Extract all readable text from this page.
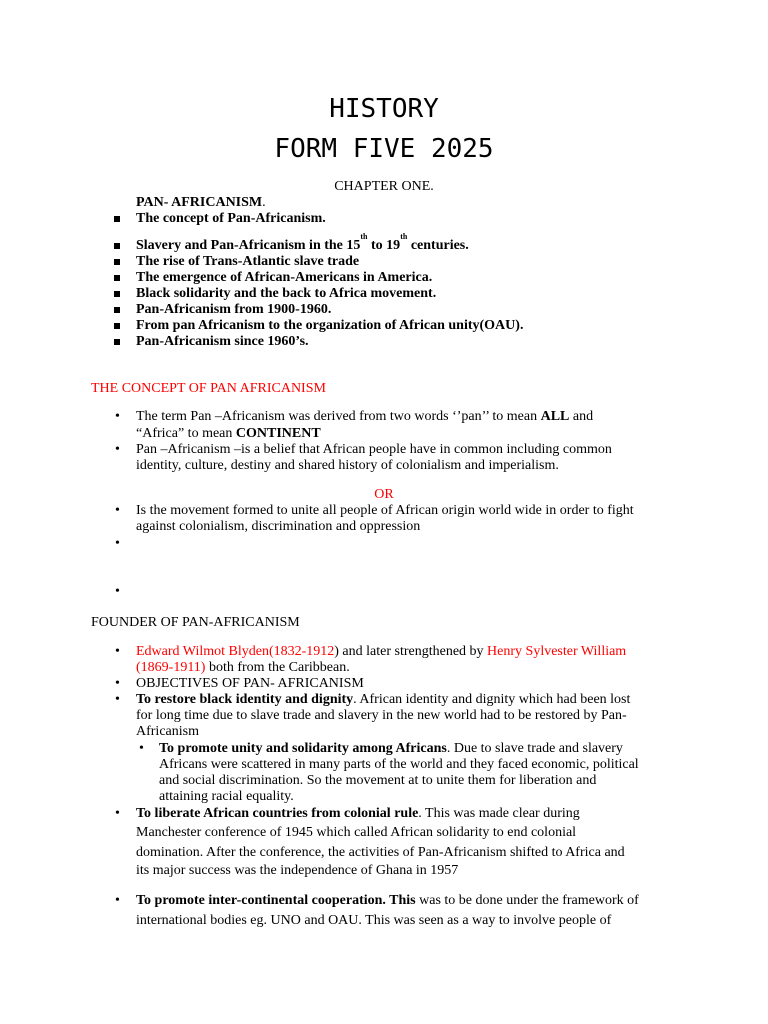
HISTORY
FORM FIVE 2025
CHAPTER ONE.
PAN- AFRICANISM.
The concept of Pan-Africanism.
Slavery and Pan-Africanism in the 15th to 19th centuries.
The rise of Trans-Atlantic slave trade
The emergence of African-Americans in America.
Black solidarity and the back to Africa movement.
Pan-Africanism from 1900-1960.
From pan Africanism to the organization of African unity(OAU).
Pan-Africanism since 1960’s.
THE CONCEPT OF PAN AFRICANISM
• The term Pan –Africanism was derived from two words ‘’pan’’ to mean ALL and
“Africa” to mean CONTINENT
• Pan –Africanism –is a belief that African people have in common including common
identity, culture, destiny and shared history of colonialism and imperialism.
OR
• Is the movement formed to unite all people of African origin world wide in order to fight
against colonialism, discrimination and oppression
•
•
FOUNDER OF PAN-AFRICANISM
• Edward Wilmot Blyden(1832-1912) and later strengthened by Henry Sylvester William
(1869-1911) both from the Caribbean.
• OBJECTIVES OF PAN- AFRICANISM
• To restore black identity and dignity. African identity and dignity which had been lost
for long time due to slave trade and slavery in the new world had to be restored by Pan-
Africanism
• To promote unity and solidarity among Africans. Due to slave trade and slavery
Africans were scattered in many parts of the world and they faced economic, political
and social discrimination. So the movement at to unite them for liberation and
attaining racial equality.
• To liberate African countries from colonial rule. This was made clear during
Manchester conference of 1945 which called African solidarity to end colonial
domination. After the conference, the activities of Pan-Africanism shifted to Africa and
its major success was the independence of Ghana in 1957
• To promote inter-continental cooperation. This was to be done under the framework of
international bodies eg. UNO and OAU. This was seen as a way to involve people of
